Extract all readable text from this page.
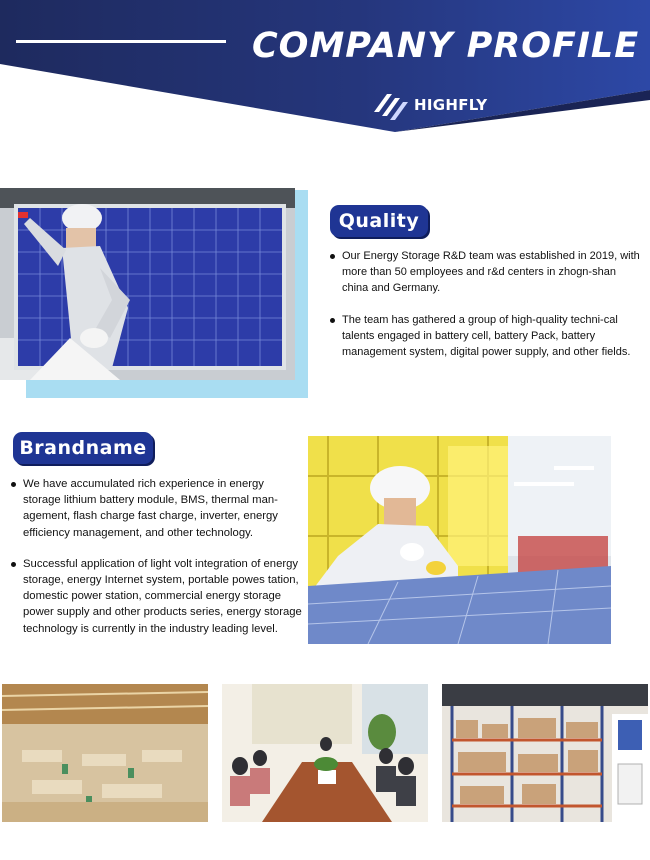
COMPANY PROFILE
HIGHFLY
Quality
Our Energy Storage R&D team was established in 2019, with more than 50 employees and r&d centers in zhogn-shan china and Germany.
The team has gathered a group of high-quality techni-cal talents engaged in battery cell, battery Pack, battery management system, digital power supply, and other fields.
Brandname
We have accumulated rich experience in energy storage lithium battery module, BMS, thermal man-agement, flash charge fast charge, inverter, energy efficiency management, and other technology.
Successful application of light volt integration of energy storage, energy Internet system, portable powes tation, domestic power station, commercial energy storage power supply and other products series, energy storage technology is currently in the industry leading level.
